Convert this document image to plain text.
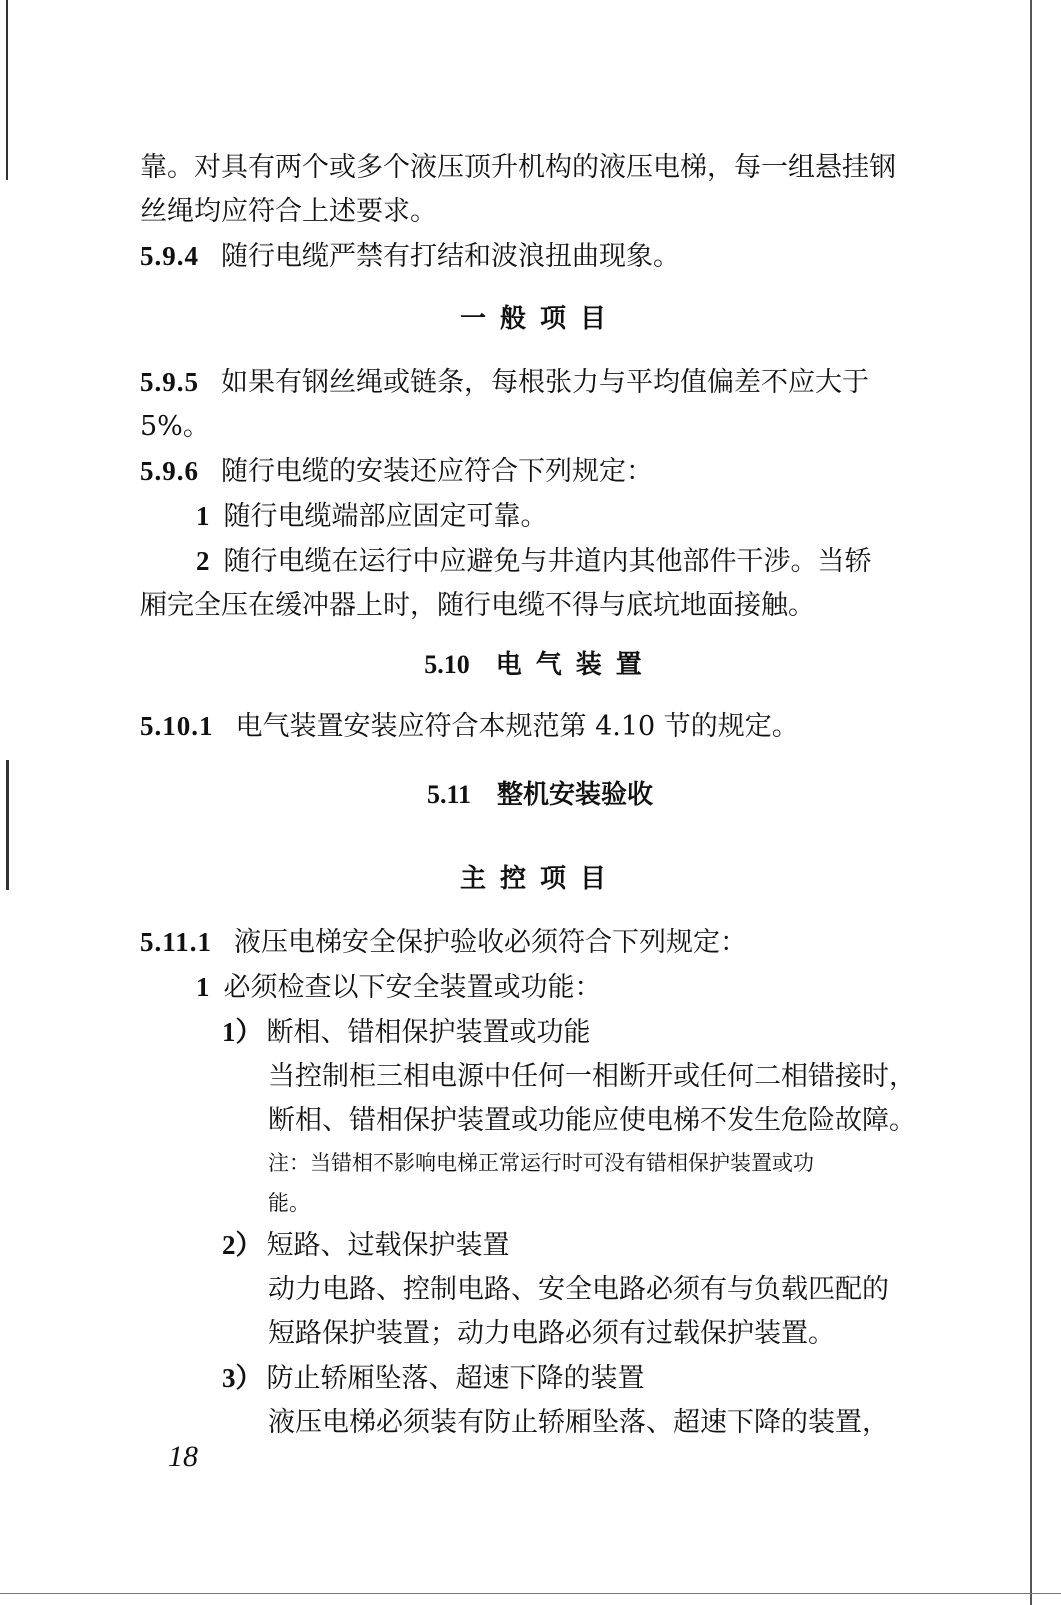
靠。对具有两个或多个液压顶升机构的液压电梯，每一组悬挂钢

丝绳均应符合上述要求。

5.9.4 随行电缆严禁有打结和波浪扭曲现象。

一般项目

5.9.5 如果有钢丝绳或链条，每根张力与平均值偏差不应大于

5%。

5.9.6 随行电缆的安装还应符合下列规定：

1 随行电缆端部应固定可靠。

2 随行电缆在运行中应避免与井道内其他部件干涉。当轿

厢完全压在缓冲器上时，随行电缆不得与底坑地面接触。

5.10 电气装置

5.10.1 电气装置安装应符合本规范第 4.10 节的规定。

5.11 整机安装验收
主控项目

5.11.1 液压电梯安全保护验收必须符合下列规定：

1 必须检查以下安全装置或功能：

1） 断相、错相保护装置或功能

当控制柜三相电源中任何一相断开或任何二相错接时，

断相、错相保护装置或功能应使电梯不发生危险故障。

注：当错相不影响电梯正常运行时可没有错相保护装置或功

能。

2） 短路、过载保护装置

动力电路、控制电路、安全电路必须有与负载匹配的

短路保护装置；动力电路必须有过载保护装置。

3） 防止轿厢坠落、超速下降的装置

液压电梯必须装有防止轿厢坠落、超速下降的装置，

18
